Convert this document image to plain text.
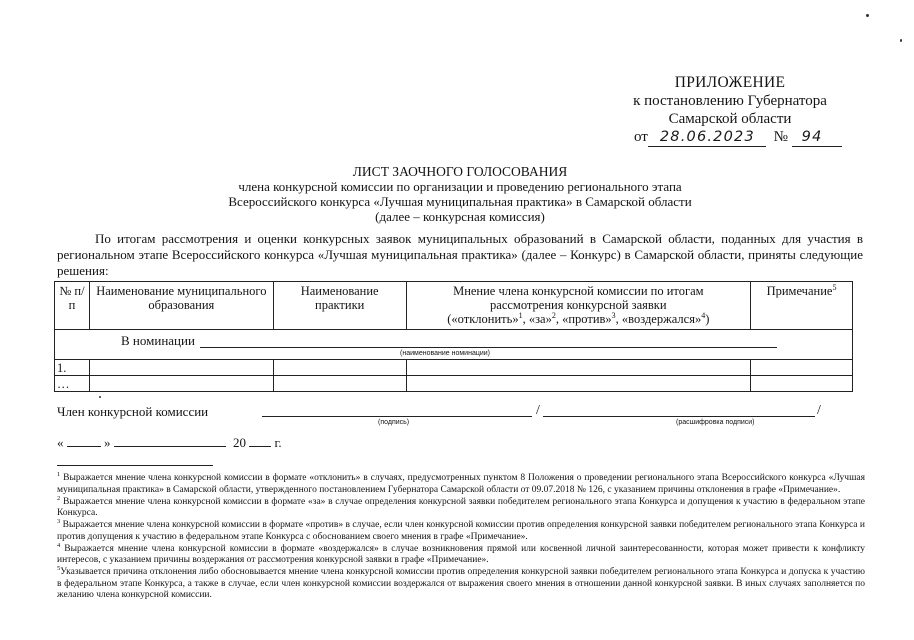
ПРИЛОЖЕНИЕ
к постановлению Губернатора
Самарской области
от 28.06.2023 № 94
ЛИСТ ЗАОЧНОГО ГОЛОСОВАНИЯ
члена конкурсной комиссии по организации и проведению регионального этапа
Всероссийского конкурса «Лучшая муниципальная практика» в Самарской области
(далее – конкурсная комиссия)
По итогам рассмотрения и оценки конкурсных заявок муниципальных образований в Самарской области, поданных для участия в региональном этапе Всероссийского конкурса «Лучшая муниципальная практика» (далее – Конкурс) в Самарской области, приняты следующие решения:
№ п/п	Наименование муниципального образования	Наименование практики	Мнение члена конкурсной комиссии по итогам
рассмотрения конкурсной заявки
(«отклонить»$^1$, «за»$^2$, «против»$^3$, «воздержался»$^4$)	Примечание$^5$

В номинации
(наименование номинации)				

1.				
…				
Член конкурсной комиссии	/	/
(подпись)	(расшифровка подписи)
«	»	20 г.

$^1$ Выражается мнение члена конкурсной комиссии в формате «отклонить» в случаях, предусмотренных пунктом 8 Положения о проведении регионального этапа Всероссийского конкурса «Лучшая муниципальная практика» в Самарской области, утвержденного постановлением Губернатора Самарской области от 09.07.2018 № 126, с указанием причины отклонения в графе «Примечание».

$^2$ Выражается мнение члена конкурсной комиссии в формате «за» в случае определения конкурсной заявки победителем регионального этапа Конкурса и допущения к участию в федеральном этапе Конкурса.

$^3$ Выражается мнение члена конкурсной комиссии в формате «против» в случае, если член конкурсной комиссии против определения конкурсной заявки победителем регионального этапа Конкурса и против допущения к участию в федеральном этапе Конкурса с обоснованием своего мнения в графе «Примечание».

$^4$ Выражается мнение члена конкурсной комиссии в формате «воздержался» в случае возникновения прямой или косвенной личной заинтересованности, которая может привести к конфликту интересов, с указанием причины воздержания от рассмотрения конкурсной заявки в графе «Примечание».

$^5$Указывается причина отклонения либо обосновывается мнение члена конкурсной комиссии против определения конкурсной заявки победителем регионального этапа Конкурса и допуска к участию в федеральном этапе Конкурса, а также в случае, если член конкурсной комиссии воздержался от выражения своего мнения в отношении данной конкурсной заявки. В иных случаях заполняется по желанию члена конкурсной комиссии.
